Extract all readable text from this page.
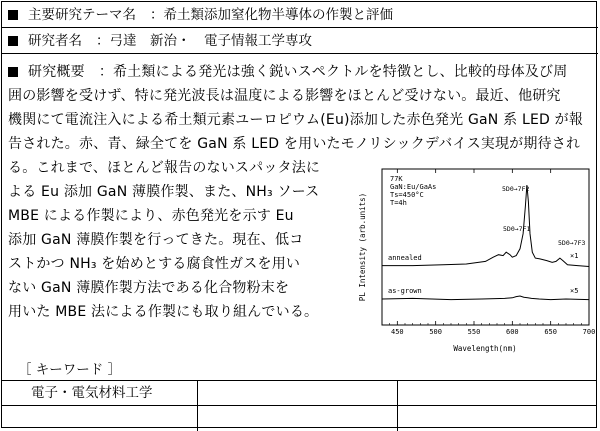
主要研究テーマ名 ：希土類添加窒化物半導体の作製と評価
研究者名 ：弓達　新治・　電子情報工学専攻
研究概要 ：希土類による発光は強く鋭いスペクトルを特徴とし、比較的母体及び周
囲の影響を受けず、特に発光波長は温度による影響をほとんど受けない。最近、他研究
機関にて電流注入による希土類元素ユーロピウム(Eu)添加した赤色発光 GaN 系 LED が報
告された。赤、青、緑全てを GaN 系 LED を用いたモノリシックデバイス実現が期待され
る。これまで、ほとんど報告のないスパッタ法に
よる Eu 添加 GaN 薄膜作製、また、NH₃ ソース
MBE による作製により、赤色発光を示す Eu
添加 GaN 薄膜作製を行ってきた。現在、低コ
ストかつ NH₃ を始めとする腐食性ガスを用い
ない GaN 薄膜作製方法である化合物粉末を
用いた MBE 法による作製にも取り組んでいる。
450	500	550	600	650	700
77K
GaN:Eu/GaAs
Ts=450°C
T=4h
5D0→7F2
5D0→7F1
5D0→7F3
annealed
as-grown
×1
×5
Wavelength(nm)
PL Intensity (arb.units)
［ キーワード ］
電子・電気材料工学
